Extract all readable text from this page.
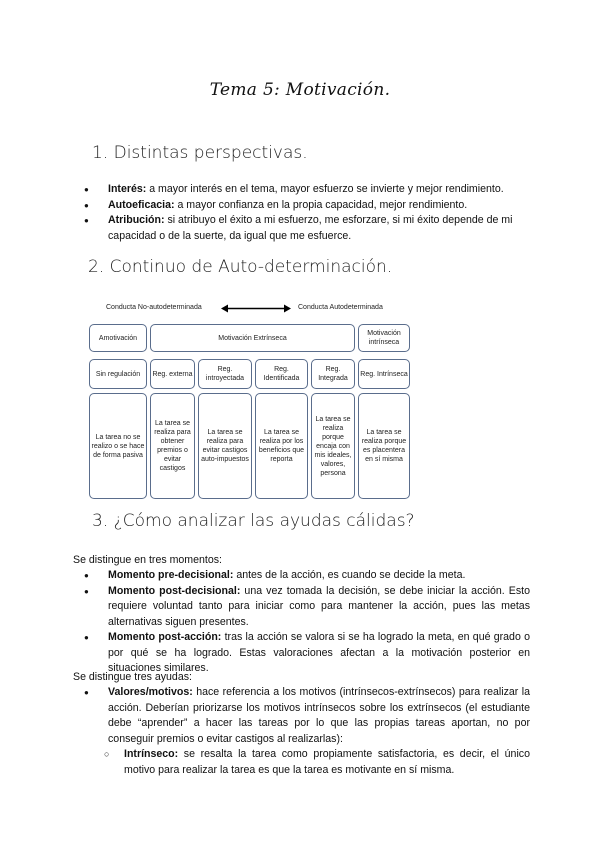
Tema 5: Motivación.
1. Distintas perspectivas.
● Interés: a mayor interés en el tema, mayor esfuerzo se invierte y mejor rendimiento.
● Autoeficacia: a mayor confianza en la propia capacidad, mejor rendimiento.
● Atribución: si atribuyo el éxito a mi esfuerzo, me esforzare, si mi éxito depende de mi capacidad o de la suerte, da igual que me esfuerce.
2. Continuo de Auto-determinación.
Conducta No-autodeterminada	Conducta Autodeterminada
Amotivación	Motivación Extrínseca
Motivación intrínseca
Sin regulación	Reg. externa
Reg. introyectada
Reg. Identificada
Reg. Integrada
Reg. Intrínseca
La tarea no se realizo o se hace de forma pasiva
La tarea se realiza para obtener premios o evitar castigos
La tarea se realiza para evitar castigos auto-impuestos
La tarea se realiza por los beneficios que reporta
La tarea se realiza porque encaja con mis ideales, valores, persona
La tarea se realiza porque es placentera en sí misma
3. ¿Cómo analizar las ayudas cálidas?
Se distingue en tres momentos:
● Momento pre-decisional: antes de la acción, es cuando se decide la meta.
● Momento post-decisional: una vez tomada la decisión, se debe iniciar la acción. Esto requiere voluntad tanto para iniciar como para mantener la acción, pues las metas alternativas siguen presentes.
● Momento post-acción: tras la acción se valora si se ha logrado la meta, en qué grado o por qué se ha logrado. Estas valoraciones afectan a la motivación posterior en situaciones similares.
Se distingue tres ayudas:
● Valores/motivos: hace referencia a los motivos (intrínsecos-extrínsecos) para realizar la acción. Deberían priorizarse los motivos intrínsecos sobre los extrínsecos (el estudiante debe “aprender” a hacer las tareas por lo que las propias tareas aportan, no por conseguir premios o evitar castigos al realizarlas):
○ Intrínseco: se resalta la tarea como propiamente satisfactoria, es decir, el único motivo para realizar la tarea es que la tarea es motivante en sí misma.
